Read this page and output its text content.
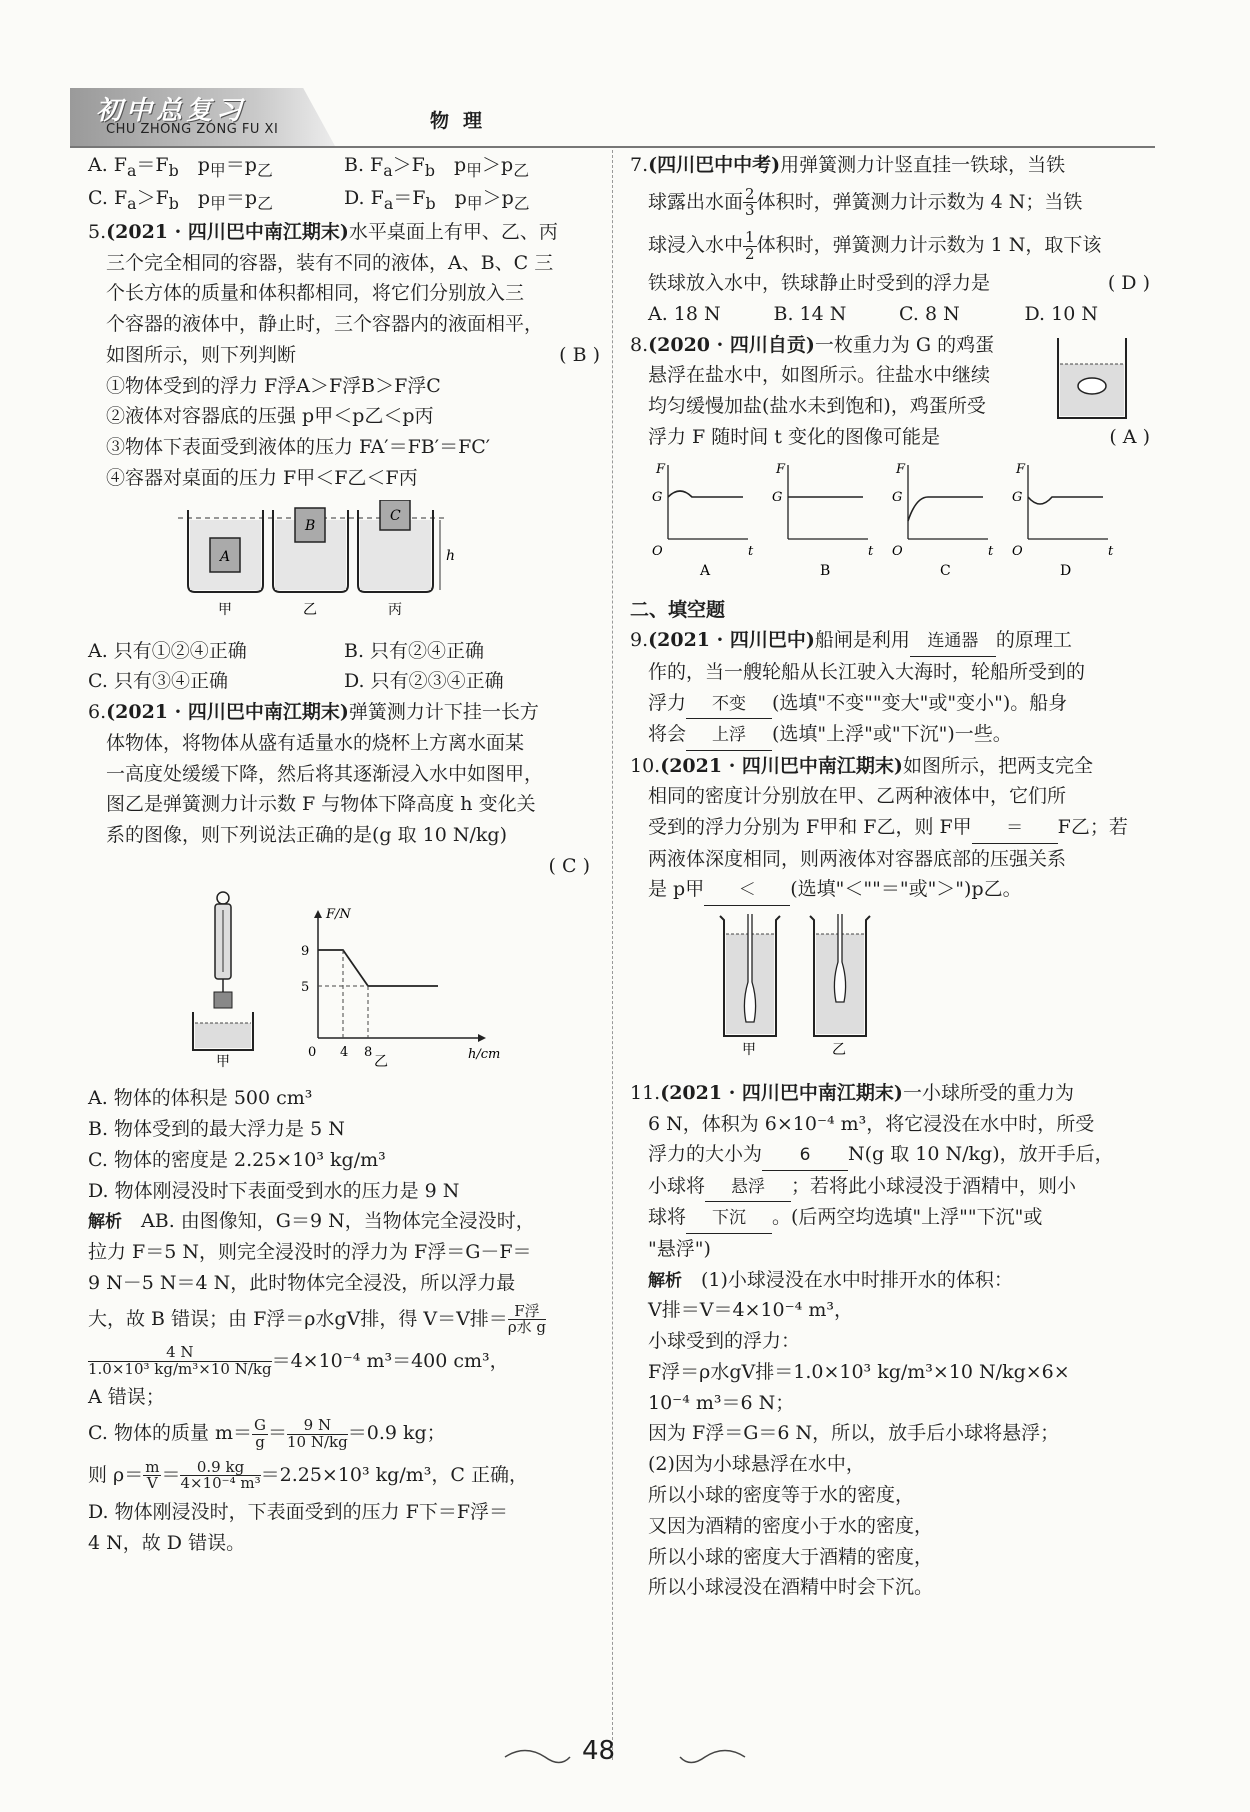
初中总复习
CHU ZHONG ZONG FU XI	物理
A. $F_a=F_b$　$p_甲=p_乙$	B. $F_a>F_b$　$p_甲>p_乙$
C. $F_a>F_b$　$p_甲=p_乙$	D. $F_a=F_b$　$p_甲>p_乙$
5.(2021 · 四川巴中南江期末)水平桌面上有甲、乙、丙
三个完全相同的容器，装有不同的液体，A、B、C 三
个长方体的质量和体积都相同，将它们分别放入三
个容器的液体中，静止时，三个容器内的液面相平，
如图所示，则下列判断	( B )
①物体受到的浮力 F浮A＞F浮B＞F浮C
②液体对容器底的压强 p甲＜p乙＜p丙
③物体下表面受到液体的压力 FA′＝FB′＝FC′
④容器对桌面的压力 F甲＜F乙＜F丙
A
B
C
h
甲	乙	丙
A. 只有①②④正确	B. 只有②④正确
C. 只有③④正确	D. 只有②③④正确
6.(2021 · 四川巴中南江期末)弹簧测力计下挂一长方
体物体，将物体从盛有适量水的烧杯上方离水面某
一高度处缓缓下降，然后将其逐渐浸入水中如图甲，
图乙是弹簧测力计示数 F 与物体下降高度 h 变化关
系的图像，则下列说法正确的是(g 取 10 N/kg)
( C )
甲
F/N
h/cm
0
9
5
4 8
乙
A. 物体的体积是 500 cm³
B. 物体受到的最大浮力是 5 N
C. 物体的密度是 2.25×10³ kg/m³
D. 物体刚浸没时下表面受到水的压力是 9 N
解析　 AB. 由图像知，G＝9 N，当物体完全浸没时，
拉力 F＝5 N，则完全浸没时的浮力为 F浮＝G－F＝
9 N－5 N＝4 N，此时物体完全浸没，所以浮力最
大，故 B 错误；由 F浮＝ρ水gV排，得 V＝V排＝ $\frac{\text{F浮}}{\text{ρ水 g}}$
$\frac{4 N}{\text{1.0×10³ kg/m³×10 N/kg}} =4\times 10^{-4}$ m³＝400 cm³，
A 错误；
C. 物体的质量 $m= \frac{G}{g} = \frac{9 N}{10 N/kg} =0.9$ kg；
则 $\rho= \frac{m}{V} = \frac{0.9 kg}{\text{4×10⁻⁴ m³}} =2.25\times 10^3$ kg/m³，C 正确，
D. 物体刚浸没时，下表面受到的压力 F下＝F浮＝
4 N，故 D 错误。
7.(四川巴中中考)用弹簧测力计竖直挂一铁球，当铁
球露出水面 $\frac{2}{3}$ 体积时，弹簧测力计示数为 4 N；当铁
球浸入水中 $\frac{1}{2}$ 体积时，弹簧测力计示数为 1 N，取下该
铁球放入水中，铁球静止时受到的浮力是	( D )
A. 18 N	B. 14 N	C. 8 N	D. 10 N
8.(2020 · 四川自贡)一枚重力为 G 的鸡蛋
悬浮在盐水中，如图所示。往盐水中继续
均匀缓慢加盐(盐水未到饱和)，鸡蛋所受
浮力 F 随时间 t 变化的图像可能是	( A )
F
G
O	t
A
F
G
t
B
F
G
O	t
C
F
G
O	t
D
二、填空题
9.(2021 · 四川巴中)船闸是利用 连通器 的原理工
作的，当一艘轮船从长江驶入大海时，轮船所受到的
浮力 不变 (选填"不变""变大"或"变小")。船身
将会 上浮 (选填"上浮"或"下沉")一些。
10.(2021 · 四川巴中南江期末)如图所示，把两支完全
相同的密度计分别放在甲、乙两种液体中，它们所
受到的浮力分别为 F甲和 F乙，则 F甲 ＝ F乙；若
两液体深度相同，则两液体对容器底部的压强关系
是 p甲 ＜ (选填"＜""＝"或"＞")p乙。
甲	乙
11.(2021 · 四川巴中南江期末)一小球所受的重力为
6 N，体积为 6×10⁻⁴ m³，将它浸没在水中时，所受
浮力的大小为 6 N(g 取 10 N/kg)，放开手后，
小球将 悬浮 ；若将此小球浸没于酒精中，则小
球将 下沉 。(后两空均选填"上浮""下沉"或
"悬浮")
解析　 (1)小球浸没在水中时排开水的体积：
V排＝V＝4×10⁻⁴ m³，
小球受到的浮力：
F浮＝ρ水gV排＝1.0×10³ kg/m³×10 N/kg×6×
10⁻⁴ m³＝6 N；
因为 F浮＝G＝6 N，所以，放手后小球将悬浮；
(2)因为小球悬浮在水中，
所以小球的密度等于水的密度，
又因为酒精的密度小于水的密度，
所以小球的密度大于酒精的密度，
所以小球浸没在酒精中时会下沉。
48
